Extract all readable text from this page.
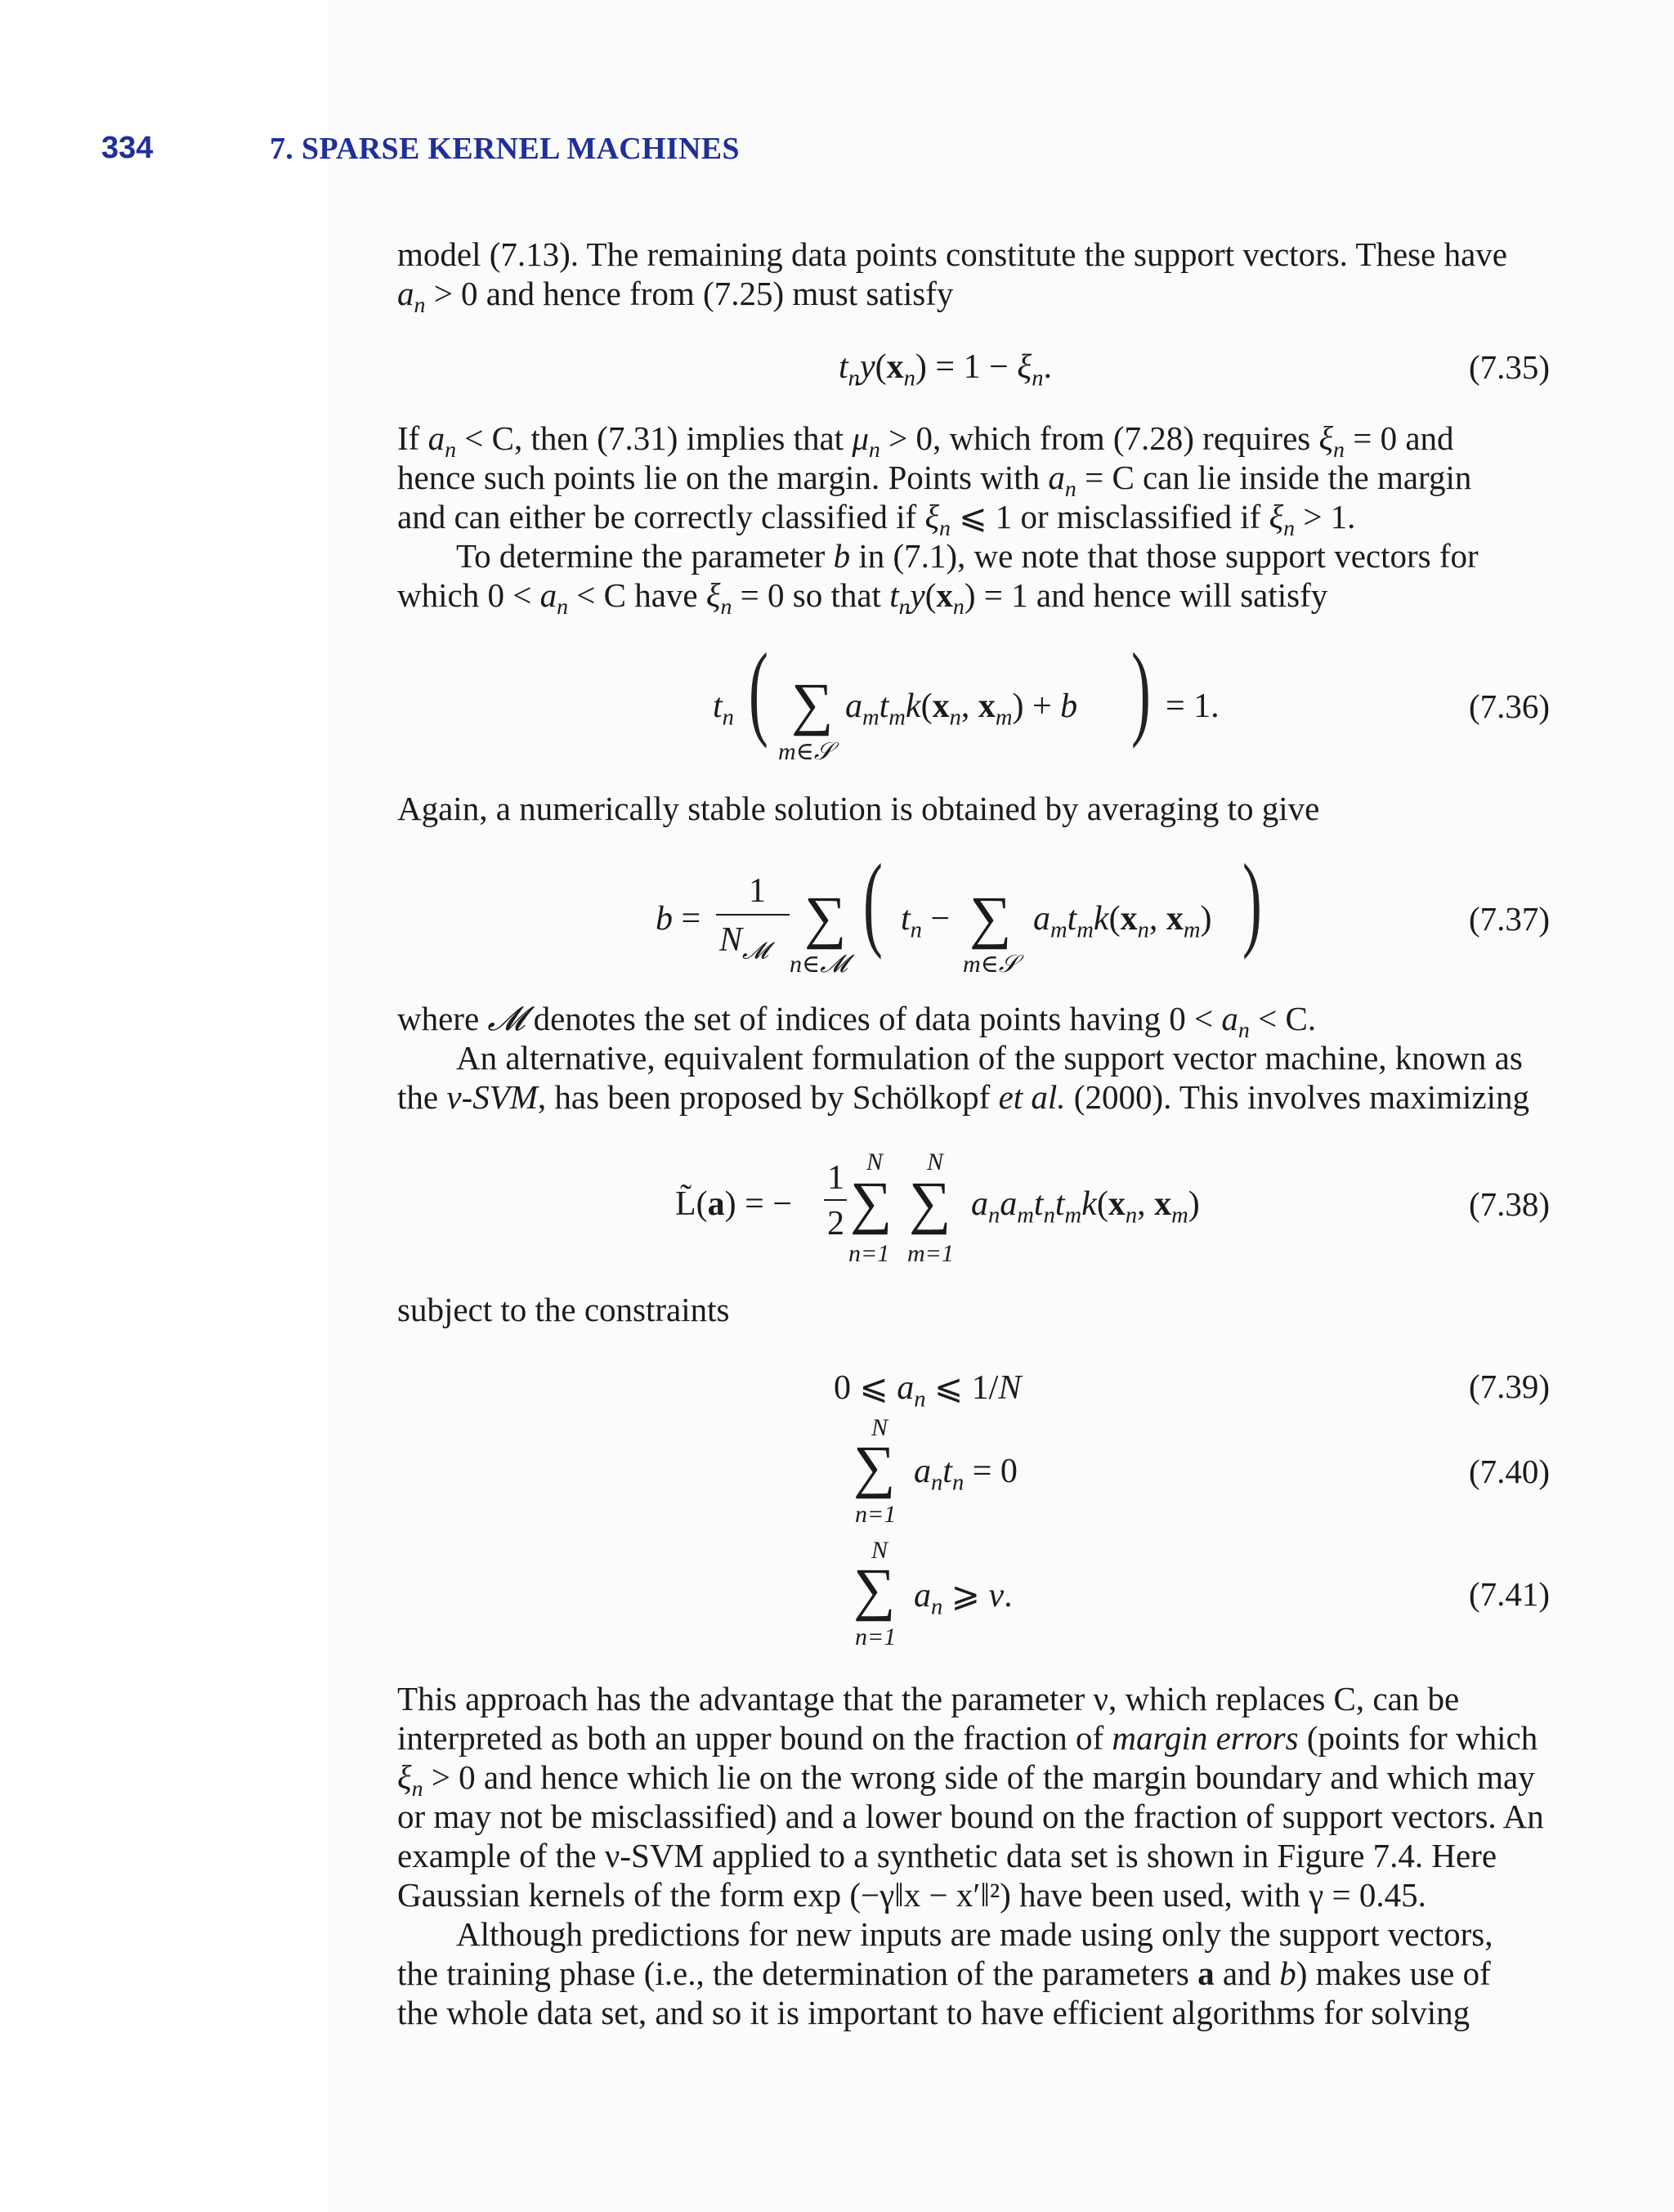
334	7. SPARSE KERNEL MACHINES

model (7.13). The remaining data points constitute the support vectors. These have

$a_n > 0$ and hence from (7.25) must satisfy

$t_ny(x_n) = 1 - \xi_n$.	(7.35)

If $a_n < C$, then (7.31) implies that $\mu_n > 0$, which from (7.28) requires $\xi_n = 0$ and

hence such points lie on the margin. Points with $a_n = C$ can lie inside the margin

and can either be correctly classified if $\xi_n$ ⩽ 1 or misclassified if $\xi_n > 1$.

To determine the parameter b in (7.1), we note that those support vectors for

which $0 < a_n < C$ have $\xi_n = 0$ so that $t_ny(x_n) = 1$ and hence will satisfy

$t_n$ ( ∑
m∈𝒮
$a_mt_mk(x_n$, $x_m) + b$ ) = 1.	(7.36)

Again, a numerically stable solution is obtained by averaging to give

b =
1
$N_𝓜$
∑
n∈𝓜
( $t_n$ − ∑
m∈𝒮
$a_mt_mk(x_n$, $x_m$) )	(7.37)

where 𝓜 denotes the set of indices of data points having $0 < a_n < C$.

An alternative, equivalent formulation of the support vector machine, known as

the ν-SVM, has been proposed by Schölkopf et al. (2000). This involves maximizing

L̃(a) = −
1
2
N
∑
n=1
N
∑
m=1
$a_na_mt_nt_mk(x_n$, $x_m$)	(7.38)

subject to the constraints

0 ⩽ $a_n$ ⩽ 1/N	(7.39)
N
∑
n=1
$a_nt_n = 0$	(7.40)
N
∑
n=1
$a_n$ ⩾ ν.	(7.41)

This approach has the advantage that the parameter ν, which replaces C, can be

interpreted as both an upper bound on the fraction of margin errors (points for which

$\xi_n > 0$ and hence which lie on the wrong side of the margin boundary and which may

or may not be misclassified) and a lower bound on the fraction of support vectors. An

example of the ν-SVM applied to a synthetic data set is shown in Figure 7.4. Here

Gaussian kernels of the form exp (−γ‖x − x′‖²) have been used, with γ = 0.45.

Although predictions for new inputs are made using only the support vectors,

the training phase (i.e., the determination of the parameters a and b) makes use of

the whole data set, and so it is important to have efficient algorithms for solving
